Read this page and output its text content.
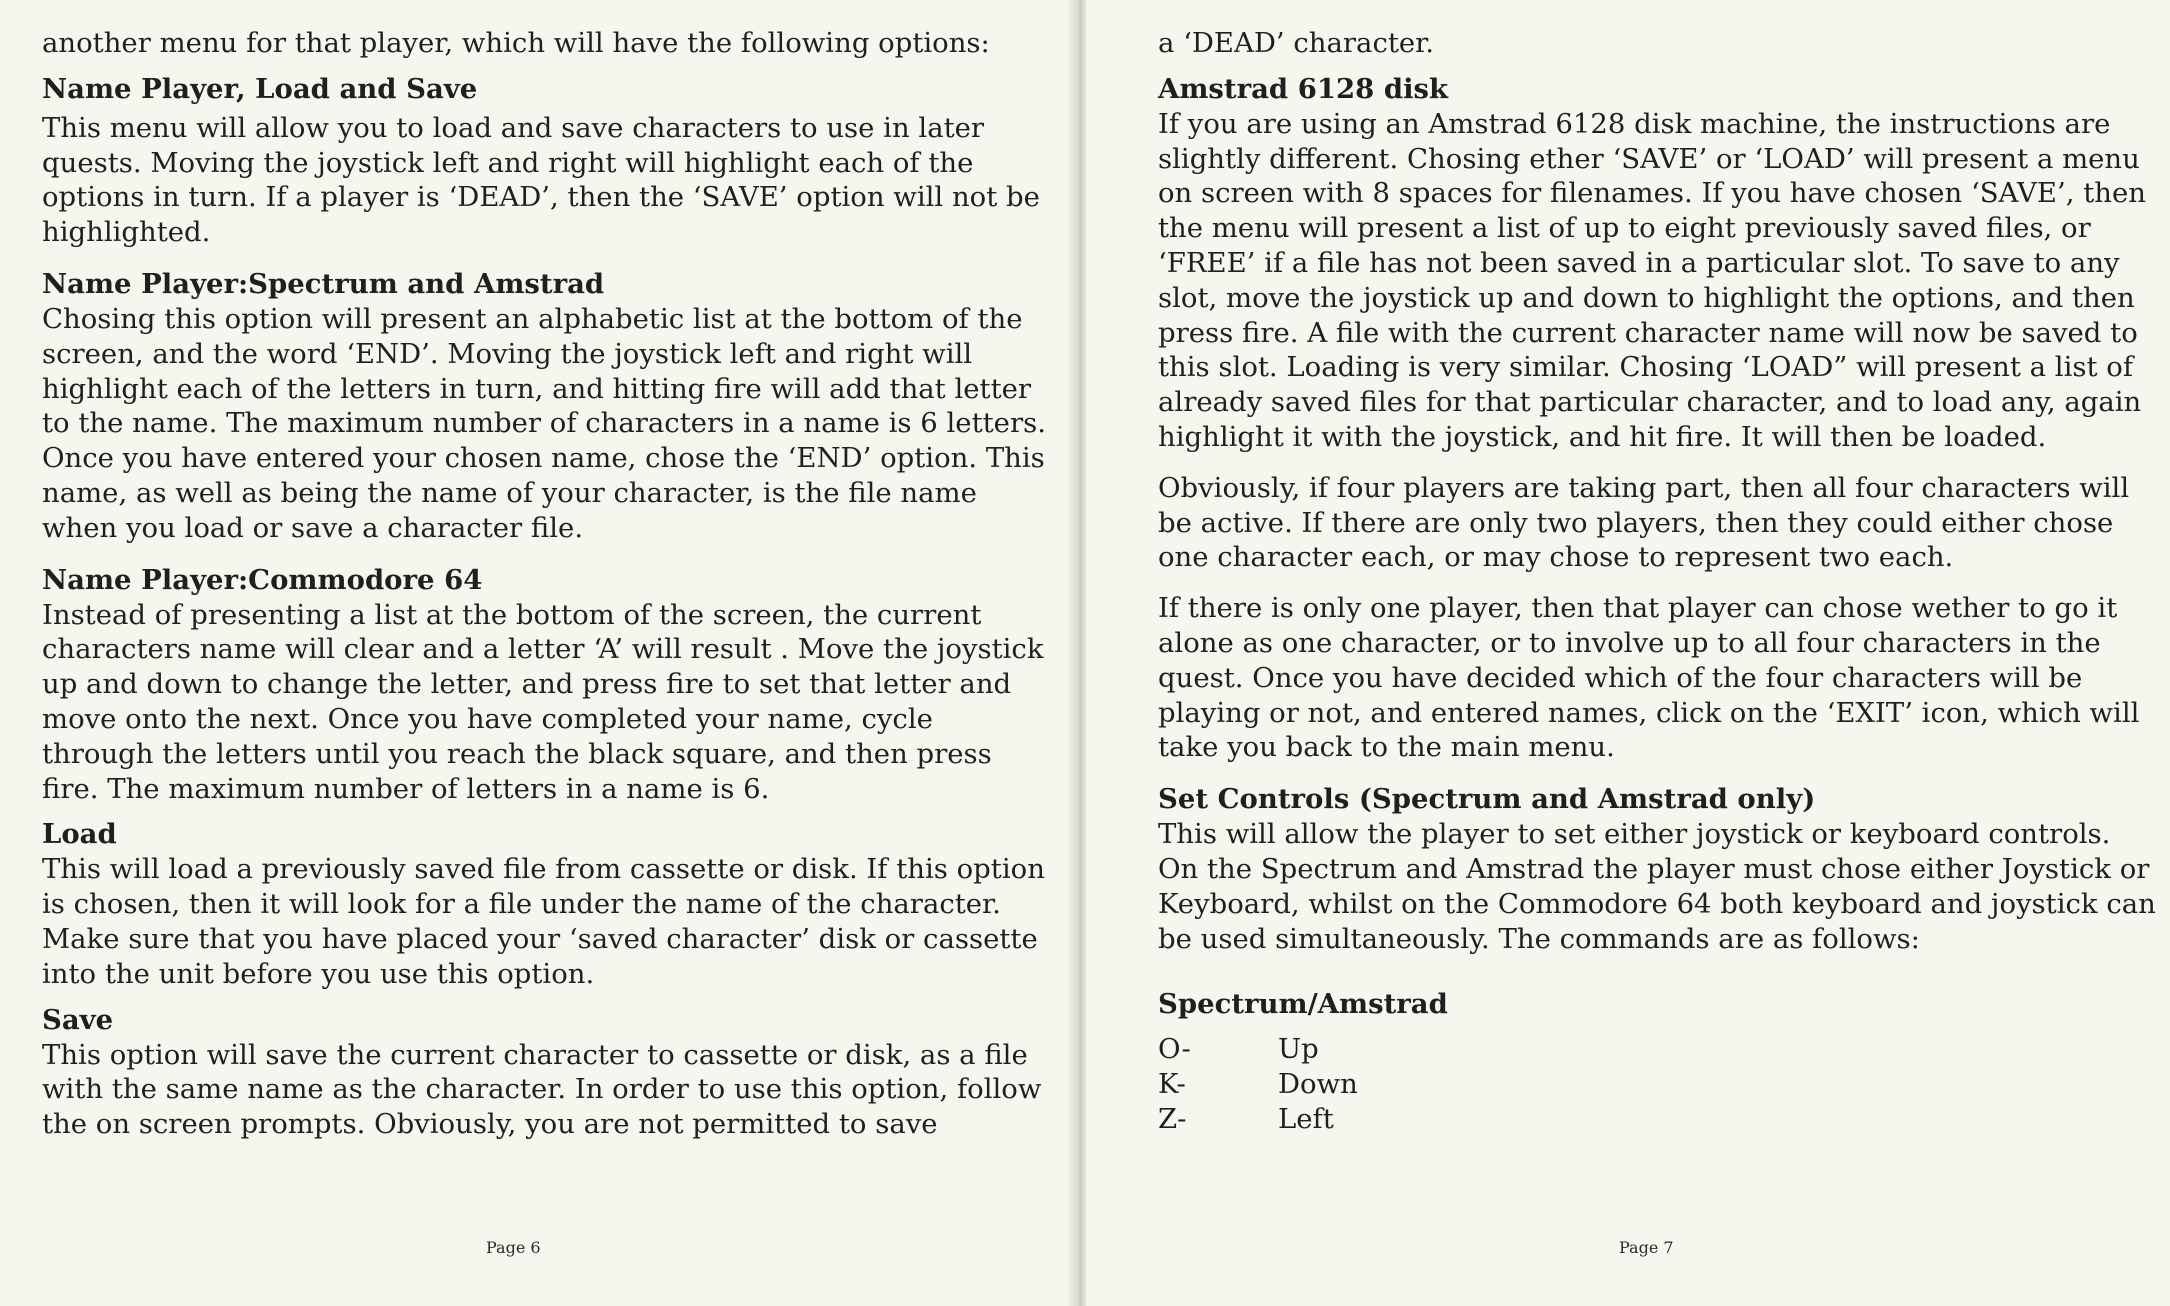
another menu for that player, which will have the following options:

Name Player, Load and Save

This menu will allow you to load and save characters to use in later quests. Moving the joystick left and right will highlight each of the options in turn. If a player is ‘DEAD’, then the ‘SAVE’ option will not be highlighted.

Name Player:Spectrum and Amstrad

Chosing this option will present an alphabetic list at the bottom of the screen, and the word ‘END’. Moving the joystick left and right will highlight each of the letters in turn, and hitting fire will add that letter to the name. The maximum number of characters in a name is 6 letters. Once you have entered your chosen name, chose the ‘END’ option. This name, as well as being the name of your character, is the file name when you load or save a character file.

Name Player:Commodore 64

Instead of presenting a list at the bottom of the screen, the current characters name will clear and a letter ‘A’ will result . Move the joystick up and down to change the letter, and press fire to set that letter and move onto the next. Once you have completed your name, cycle through the letters until you reach the black square, and then press fire. The maximum number of letters in a name is 6.

Load

This will load a previously saved file from cassette or disk. If this option is chosen, then it will look for a file under the name of the character. Make sure that you have placed your ‘saved character’ disk or cassette into the unit before you use this option.

Save

This option will save the current character to cassette or disk, as a file with the same name as the character. In order to use this option, follow the on screen prompts. Obviously, you are not permitted to save

Page 6

a ‘DEAD’ character.

Amstrad 6128 disk

If you are using an Amstrad 6128 disk machine, the instructions are slightly different. Chosing ether ‘SAVE’ or ‘LOAD’ will present a menu on screen with 8 spaces for filenames. If you have chosen ‘SAVE’, then the menu will present a list of up to eight previously saved files, or ‘FREE’ if a file has not been saved in a particular slot. To save to any slot, move the joystick up and down to highlight the options, and then press fire. A file with the current character name will now be saved to this slot. Loading is very similar. Chosing ‘LOAD” will present a list of already saved files for that particular character, and to load any, again highlight it with the joystick, and hit fire. It will then be loaded.

Obviously, if four players are taking part, then all four characters will be active. If there are only two players, then they could either chose one character each, or may chose to represent two each.

If there is only one player, then that player can chose wether to go it alone as one character, or to involve up to all four characters in the quest. Once you have decided which of the four characters will be playing or not, and entered names, click on the ‘EXIT’ icon, which will take you back to the main menu.

Set Controls (Spectrum and Amstrad only)

This will allow the player to set either joystick or keyboard controls. On the Spectrum and Amstrad the player must chose either Joystick or Keyboard, whilst on the Commodore 64 both keyboard and joystick can be used simultaneously. The commands are as follows:

Spectrum/Amstrad
O-	Up
K-	Down
Z-	Left
Page 7
